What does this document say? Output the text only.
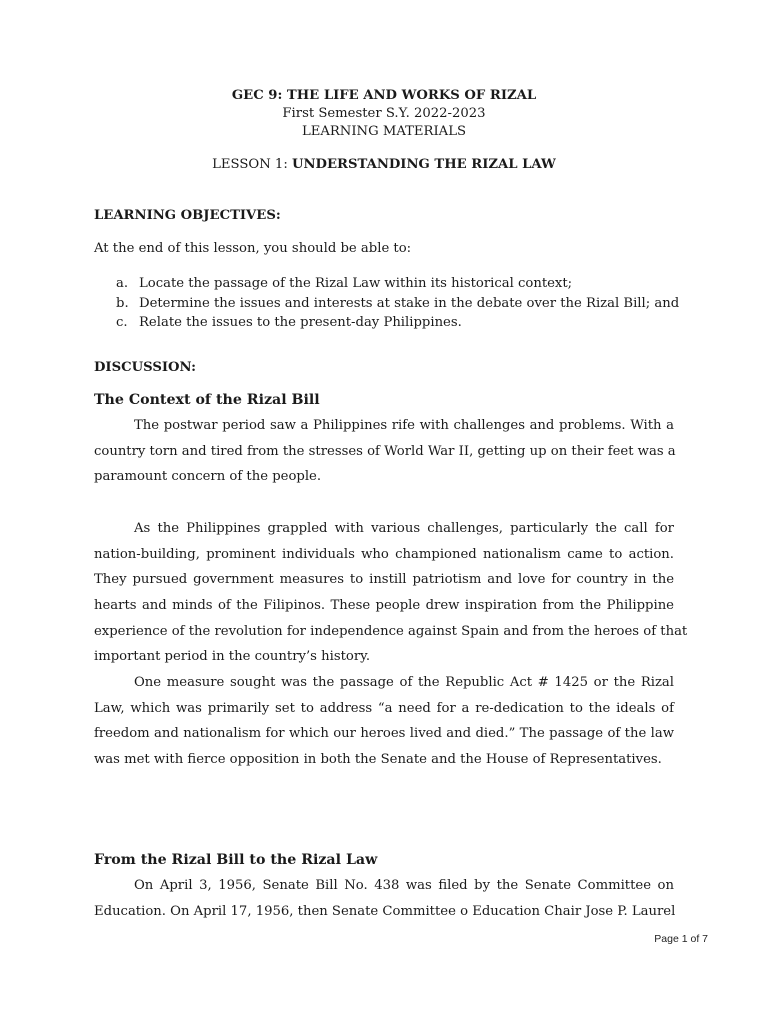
GEC 9: THE LIFE AND WORKS OF RIZAL
First Semester S.Y. 2022-2023
LEARNING MATERIALS
LESSON 1: UNDERSTANDING THE RIZAL LAW
LEARNING OBJECTIVES:
At the end of this lesson, you should be able to:
a. Locate the passage of the Rizal Law within its historical context;
b. Determine the issues and interests at stake in the debate over the Rizal Bill; and
c. Relate the issues to the present-day Philippines.
DISCUSSION:
The Context of the Rizal Bill
The postwar period saw a Philippines rife with challenges and problems. With a
country torn and tired from the stresses of World War II, getting up on their feet was a
paramount concern of the people.
As the Philippines grappled with various challenges, particularly the call for
nation-building, prominent individuals who championed nationalism came to action.
They pursued government measures to instill patriotism and love for country in the
hearts and minds of the Filipinos. These people drew inspiration from the Philippine
experience of the revolution for independence against Spain and from the heroes of that
important period in the country’s history.
One measure sought was the passage of the Republic Act # 1425 or the Rizal
Law, which was primarily set to address “a need for a re-dedication to the ideals of
freedom and nationalism for which our heroes lived and died.” The passage of the law
was met with fierce opposition in both the Senate and the House of Representatives.
From the Rizal Bill to the Rizal Law
On April 3, 1956, Senate Bill No. 438 was filed by the Senate Committee on
Education. On April 17, 1956, then Senate Committee o Education Chair Jose P. Laurel
Page 1 of 7
